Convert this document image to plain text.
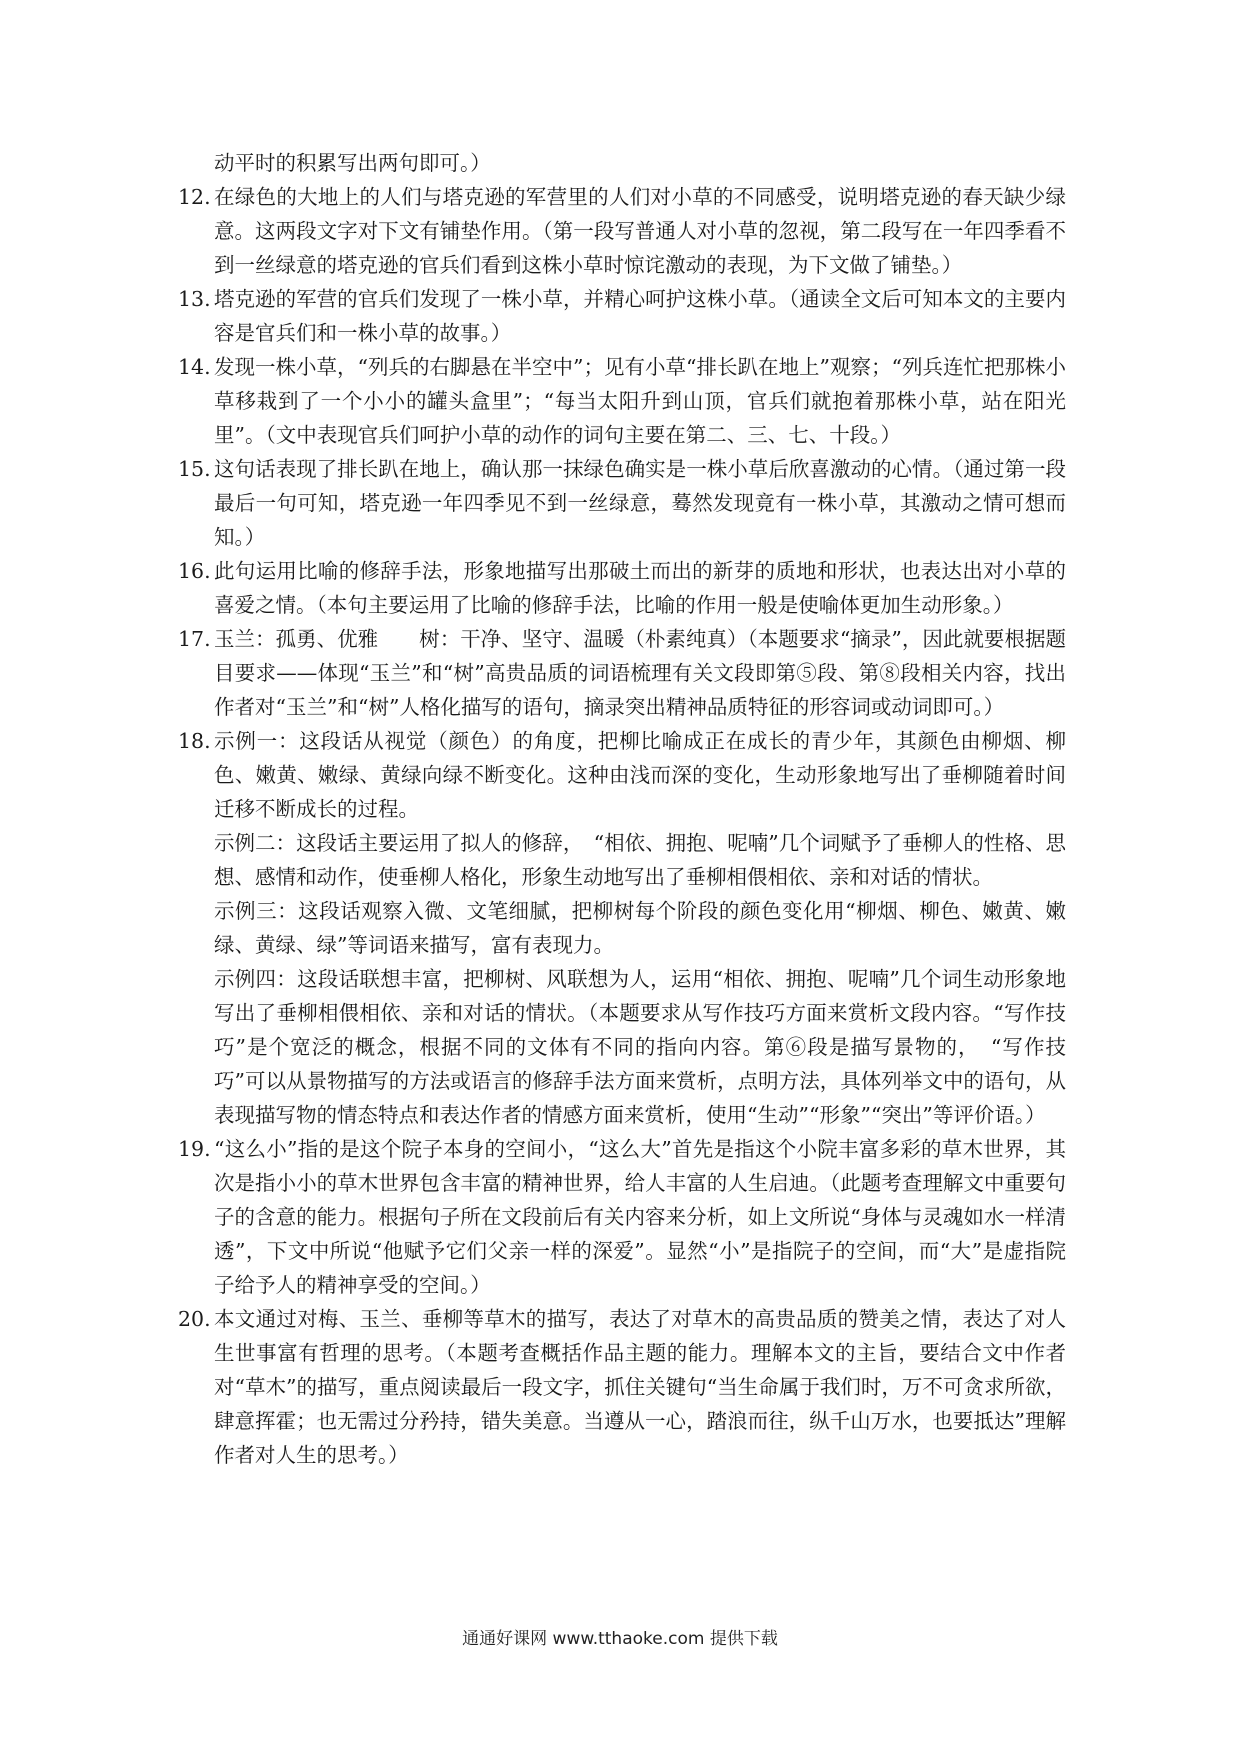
动平时的积累写出两句即可。）

12. 在绿色的大地上的人们与塔克逊的军营里的人们对小草的不同感受，说明塔克逊的春天缺少绿意。这两段文字对下文有铺垫作用。（第一段写普通人对小草的忽视，第二段写在一年四季看不到一丝绿意的塔克逊的官兵们看到这株小草时惊诧激动的表现，为下文做了铺垫。）

13. 塔克逊的军营的官兵们发现了一株小草，并精心呵护这株小草。（通读全文后可知本文的主要内容是官兵们和一株小草的故事。）

14. 发现一株小草，“列兵的右脚悬在半空中”；见有小草“排长趴在地上”观察；“列兵连忙把那株小草移栽到了一个小小的罐头盒里”；“每当太阳升到山顶，官兵们就抱着那株小草，站在阳光里”。（文中表现官兵们呵护小草的动作的词句主要在第二、三、七、十段。）

15. 这句话表现了排长趴在地上，确认那一抹绿色确实是一株小草后欣喜激动的心情。（通过第一段最后一句可知，塔克逊一年四季见不到一丝绿意，蓦然发现竟有一株小草，其激动之情可想而知。）

16. 此句运用比喻的修辞手法，形象地描写出那破土而出的新芽的质地和形状，也表达出对小草的喜爱之情。（本句主要运用了比喻的修辞手法，比喻的作用一般是使喻体更加生动形象。）

17. 玉兰：孤勇、优雅　　树：干净、坚守、温暖（朴素纯真）（本题要求“摘录”，因此就要根据题目要求——体现“玉兰”和“树”高贵品质的词语梳理有关文段即第⑤段、第⑧段相关内容，找出作者对“玉兰”和“树”人格化描写的语句，摘录突出精神品质特征的形容词或动词即可。）

18. 示例一：这段话从视觉（颜色）的角度，把柳比喻成正在成长的青少年，其颜色由柳烟、柳色、嫩黄、嫩绿、黄绿向绿不断变化。这种由浅而深的变化，生动形象地写出了垂柳随着时间迁移不断成长的过程。

示例二：这段话主要运用了拟人的修辞，　“相依、拥抱、呢喃”几个词赋予了垂柳人的性格、思想、感情和动作，使垂柳人格化，形象生动地写出了垂柳相偎相依、亲和对话的情状。

示例三：这段话观察入微、文笔细腻，把柳树每个阶段的颜色变化用“柳烟、柳色、嫩黄、嫩绿、黄绿、绿”等词语来描写，富有表现力。

示例四：这段话联想丰富，把柳树、风联想为人，运用“相依、拥抱、呢喃”几个词生动形象地写出了垂柳相偎相依、亲和对话的情状。（本题要求从写作技巧方面来赏析文段内容。“写作技巧”是个宽泛的概念，根据不同的文体有不同的指向内容。第⑥段是描写景物的，　“写作技巧”可以从景物描写的方法或语言的修辞手法方面来赏析，点明方法，具体列举文中的语句，从表现描写物的情态特点和表达作者的情感方面来赏析，使用“生动”“形象”“突出”等评价语。）

19. “这么小”指的是这个院子本身的空间小，“这么大”首先是指这个小院丰富多彩的草木世界，其次是指小小的草木世界包含丰富的精神世界，给人丰富的人生启迪。（此题考查理解文中重要句子的含意的能力。根据句子所在文段前后有关内容来分析，如上文所说“身体与灵魂如水一样清透”，下文中所说“他赋予它们父亲一样的深爱”。显然“小”是指院子的空间，而“大”是虚指院子给予人的精神享受的空间。）

20. 本文通过对梅、玉兰、垂柳等草木的描写，表达了对草木的高贵品质的赞美之情，表达了对人生世事富有哲理的思考。（本题考查概括作品主题的能力。理解本文的主旨，要结合文中作者对“草木”的描写，重点阅读最后一段文字，抓住关键句“当生命属于我们时，万不可贪求所欲，肆意挥霍；也无需过分矜持，错失美意。当遵从一心，踏浪而往，纵千山万水，也要抵达”理解作者对人生的思考。）

通通好课网 www.tthaoke.com 提供下载
